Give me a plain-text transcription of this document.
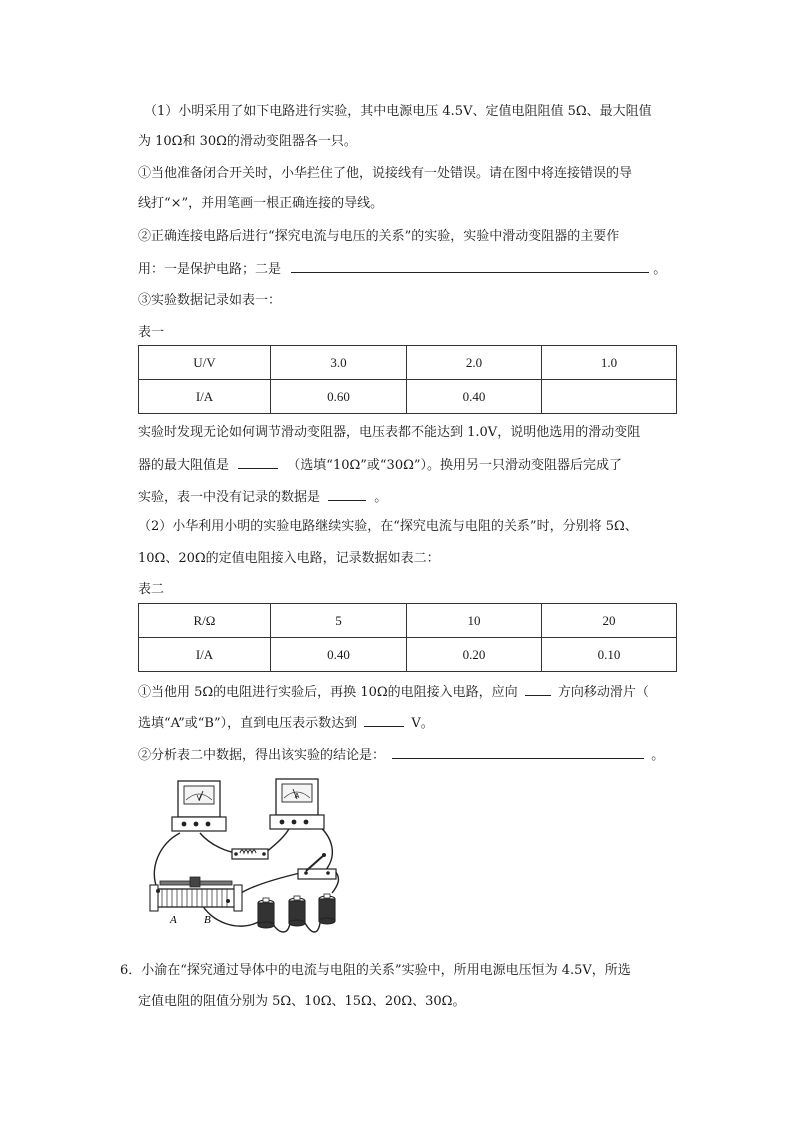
（1）小明采用了如下电路进行实验，其中电源电压 4.5V、定值电阻阻值 5Ω、最大阻值
为 10Ω和 30Ω的滑动变阻器各一只。
①当他准备闭合开关时，小华拦住了他，说接线有一处错误。请在图中将连接错误的导
线打“×”，并用笔画一根正确连接的导线。
②正确连接电路后进行“探究电流与电压的关系”的实验，实验中滑动变阻器的主要作
用：一是保护电路；二是	。
③实验数据记录如表一：
表一
U/V	3.0	2.0	1.0
I/A	0.60	0.40	
实验时发现无论如何调节滑动变阻器，电压表都不能达到 1.0V，说明他选用的滑动变阻
器的最大阻值是	（选填“10Ω”或“30Ω”）。换用另一只滑动变阻器后完成了
实验，表一中没有记录的数据是	。
（2）小华利用小明的实验电路继续实验，在“探究电流与电阻的关系”时，分别将 5Ω、
10Ω、20Ω的定值电阻接入电路，记录数据如表二：
表二
R/Ω	5	10	20
I/A	0.40	0.20	0.10
①当他用 5Ω的电阻进行实验后，再换 10Ω的电阻接入电路，应向	方向移动滑片（
选填“A”或“B”），直到电压表示数达到	V。
②分析表二中数据，得出该实验的结论是：	。
V	A
A B
6．小渝在“探究通过导体中的电流与电阻的关系”实验中，所用电源电压恒为 4.5V，所选
定值电阻的阻值分别为 5Ω、10Ω、15Ω、20Ω、30Ω。
